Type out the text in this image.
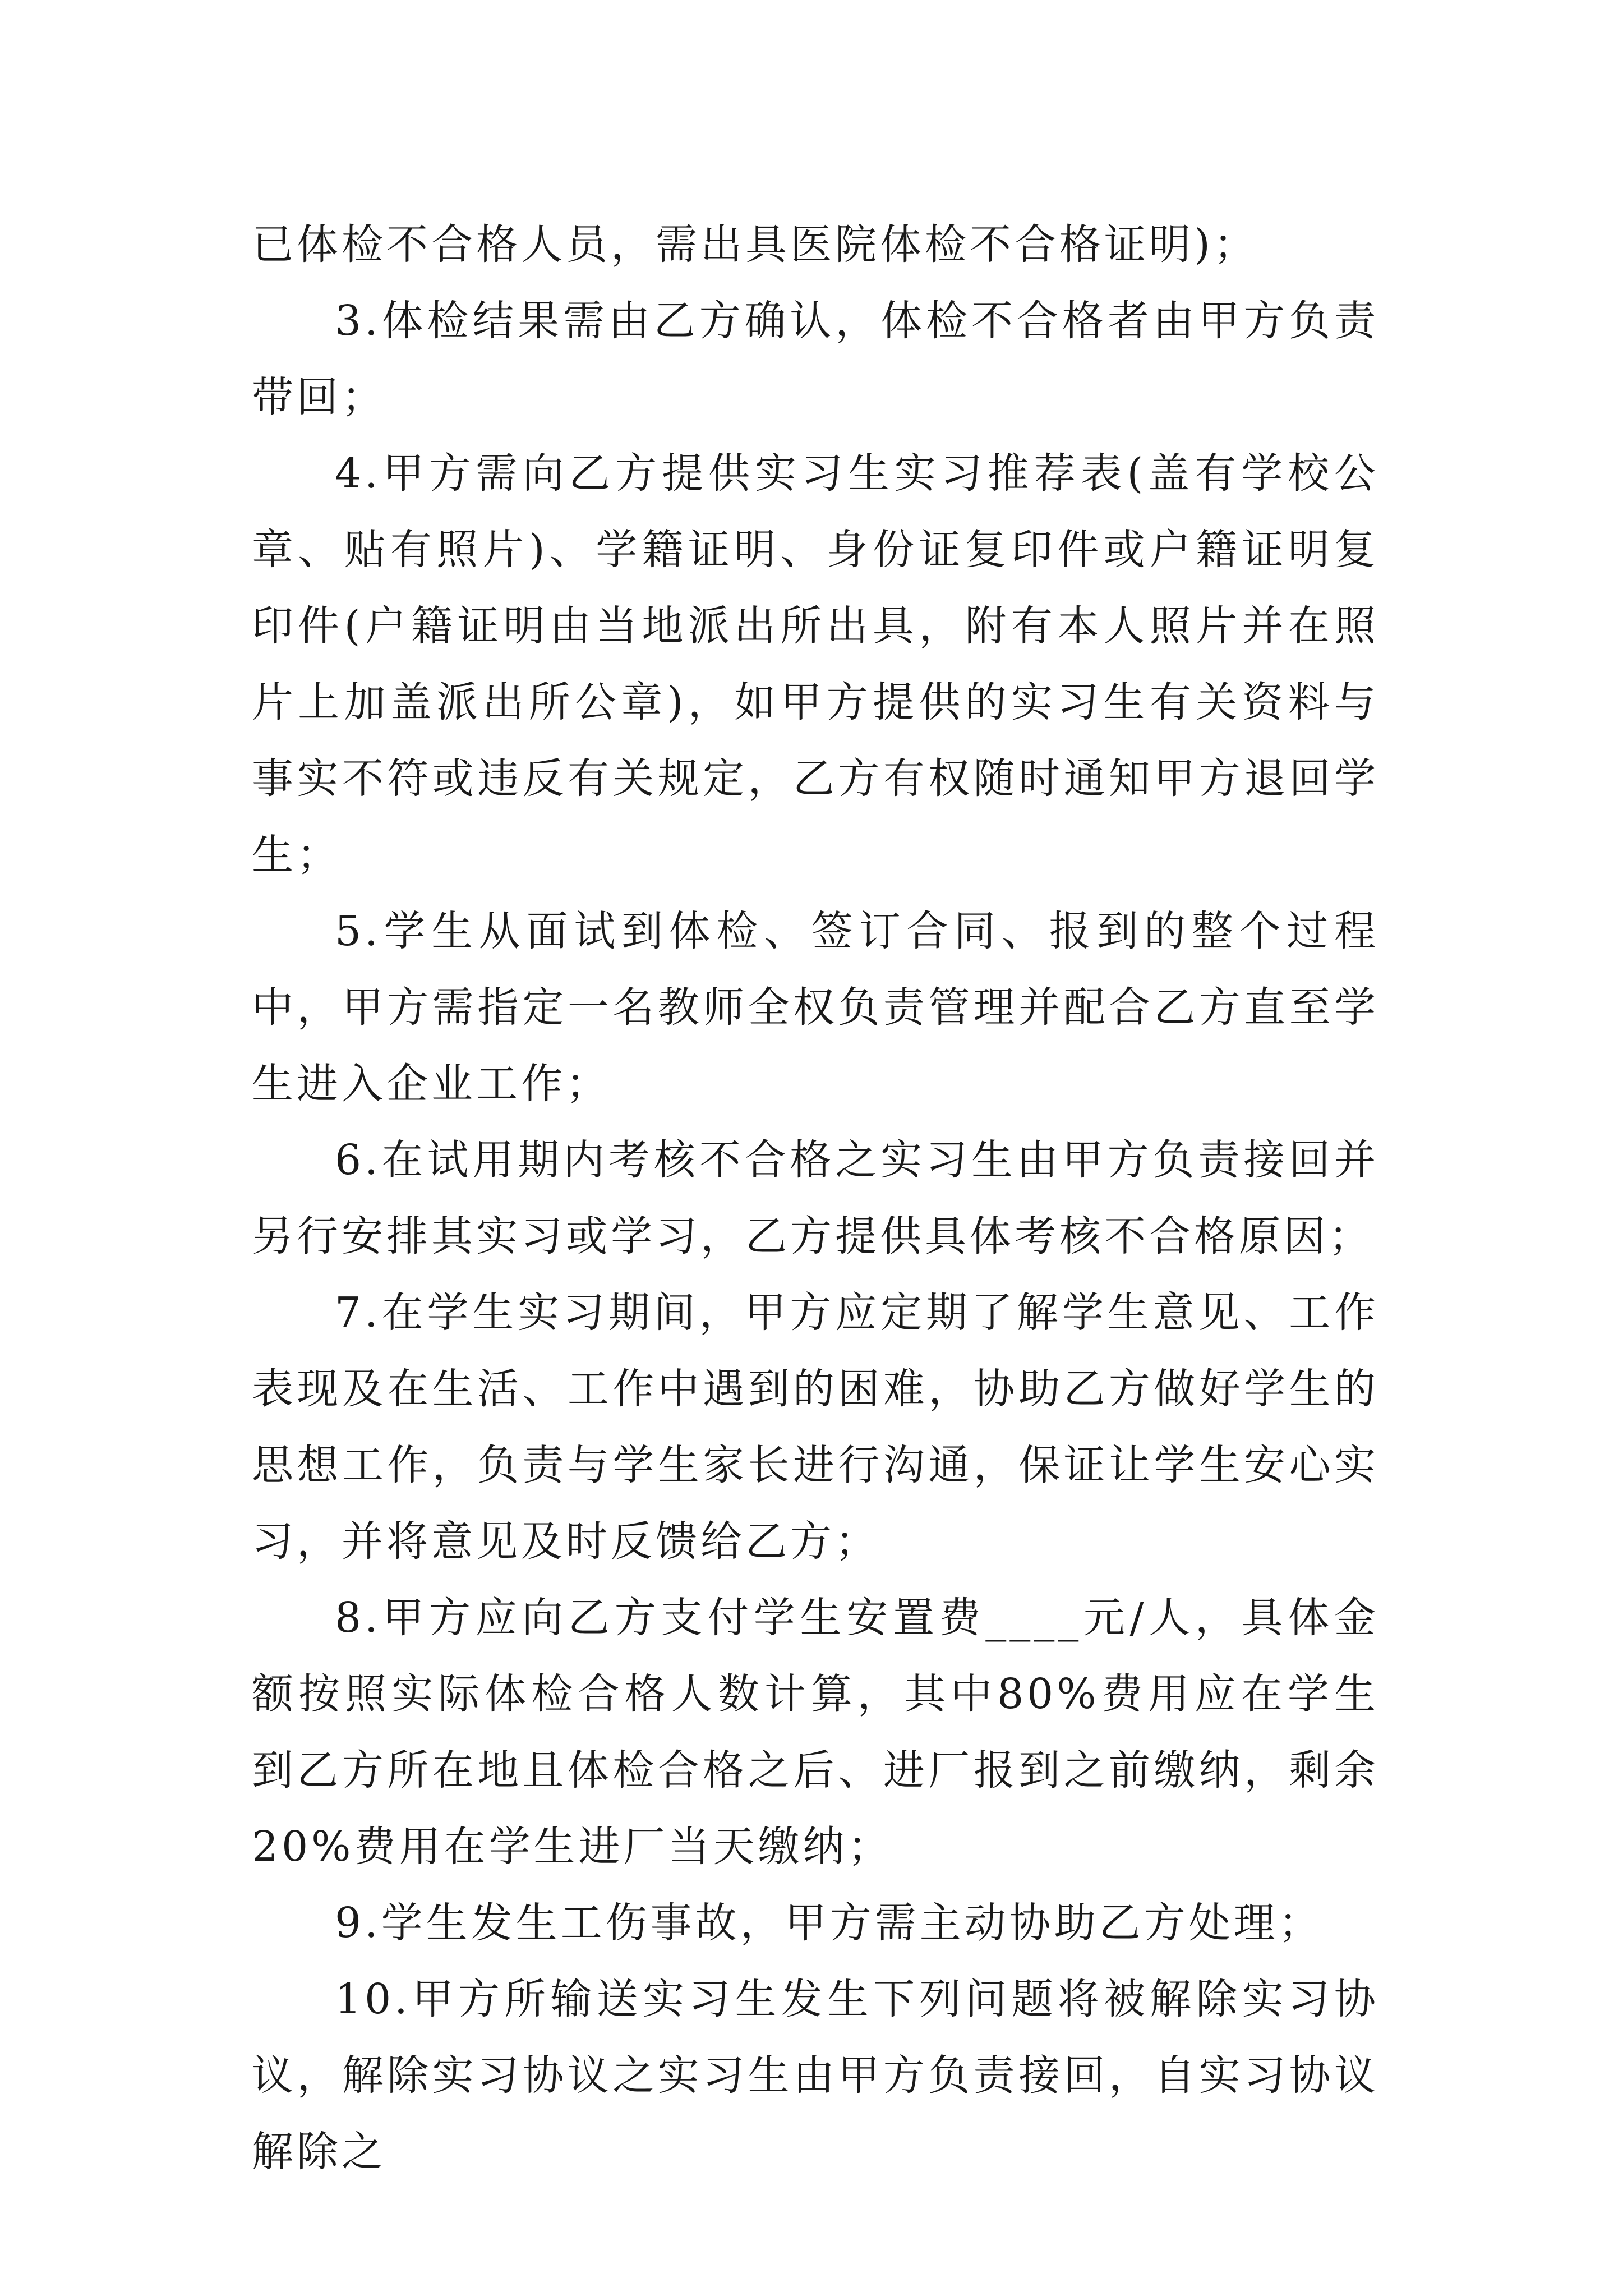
已体检不合格人员，需出具医院体检不合格证明)；

3.体检结果需由乙方确认，体检不合格者由甲方负责带回；

4.甲方需向乙方提供实习生实习推荐表(盖有学校公章、贴有照片)、学籍证明、身份证复印件或户籍证明复印件(户籍证明由当地派出所出具，附有本人照片并在照片上加盖派出所公章)，如甲方提供的实习生有关资料与事实不符或违反有关规定，乙方有权随时通知甲方退回学生；

5.学生从面试到体检、签订合同、报到的整个过程中，甲方需指定一名教师全权负责管理并配合乙方直至学生进入企业工作；

6.在试用期内考核不合格之实习生由甲方负责接回并另行安排其实习或学习，乙方提供具体考核不合格原因；

7.在学生实习期间，甲方应定期了解学生意见、工作表现及在生活、工作中遇到的困难，协助乙方做好学生的思想工作，负责与学生家长进行沟通，保证让学生安心实习，并将意见及时反馈给乙方；

8.甲方应向乙方支付学生安置费____元/人，具体金额按照实际体检合格人数计算，其中80%费用应在学生到乙方所在地且体检合格之后、进厂报到之前缴纳，剩余20%费用在学生进厂当天缴纳；

9.学生发生工伤事故，甲方需主动协助乙方处理；

10.甲方所输送实习生发生下列问题将被解除实习协议，解除实习协议之实习生由甲方负责接回，自实习协议解除之
